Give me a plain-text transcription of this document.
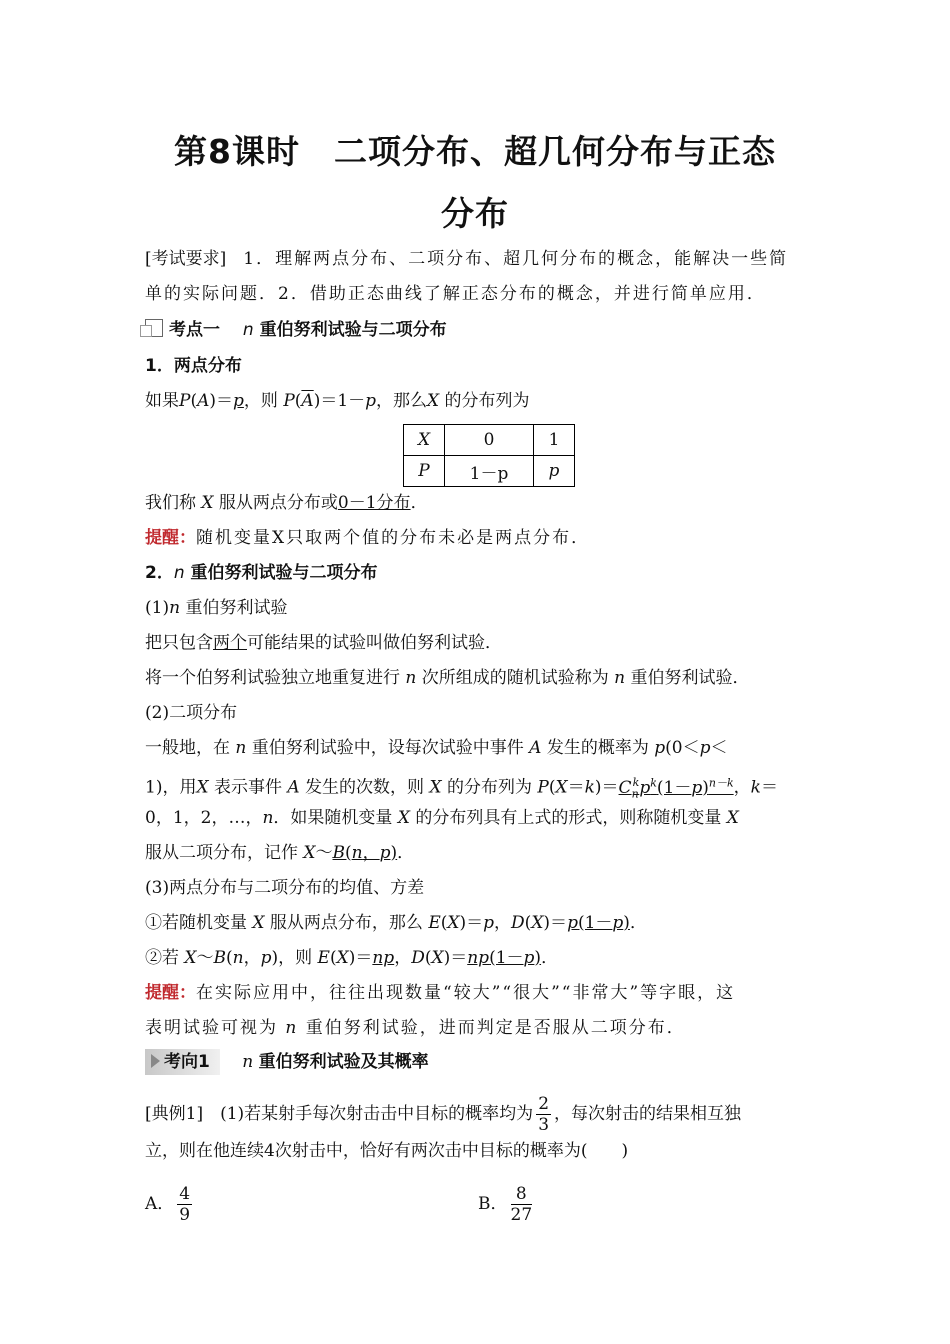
第8课时　二项分布、超几何分布与正态
分布
[考试要求]　 1．理解两点分布、二项分布、超几何分布的概念，能解决一些简
单的实际问题．2．借助正态曲线了解正态分布的概念，并进行简单应用．
考点一　 n 重伯努利试验与二项分布
1．两点分布
如果P(A)＝p，则 $P(\overline{A})=1-p$，那么X 的分布列为
X	0	1
P	1－p	p
我们称 X 服从两点分布或0－1分布．
提醒：随机变量X只取两个值的分布未必是两点分布．
2．n 重伯努利试验与二项分布
(1)n 重伯努利试验
把只包含两个可能结果的试验叫做伯努利试验．
将一个伯努利试验独立地重复进行 n 次所组成的随机试验称为 n 重伯努利试验．
(2)二项分布
一般地，在 n 重伯努利试验中，设每次试验中事件 A 发生的概率为 p(0＜p＜
1)，用X 表示事件 A 发生的次数，则 X 的分布列为 $P(X=k)=C_n^kp^k(1-p)^{n-k}$，k＝
0，1，2，…，n．如果随机变量 X 的分布列具有上式的形式，则称随机变量 X
服从二项分布，记作 X～B(n，p)．
(3)两点分布与二项分布的均值、方差
①若随机变量 X 服从两点分布，那么 E(X)＝p，D(X)＝p(1－p)．
②若 X～B(n，p)，则 E(X)＝np，D(X)＝np(1－p)．
提醒：在实际应用中，往往出现数量“较大”“很大”“非常大”等字眼，这
表明试验可视为 n 重伯努利试验，进而判定是否服从二项分布．
考向1　 n 重伯努利试验及其概率
[典例1]　 (1)若某射手每次射击击中目标的概率均为 $\frac{2}{3}$ ，每次射击的结果相互独
立，则在他连续4次射击中，恰好有两次击中目标的概率为(　　)
A． $\frac{4}{9}$	B． $\frac{8}{27}$
